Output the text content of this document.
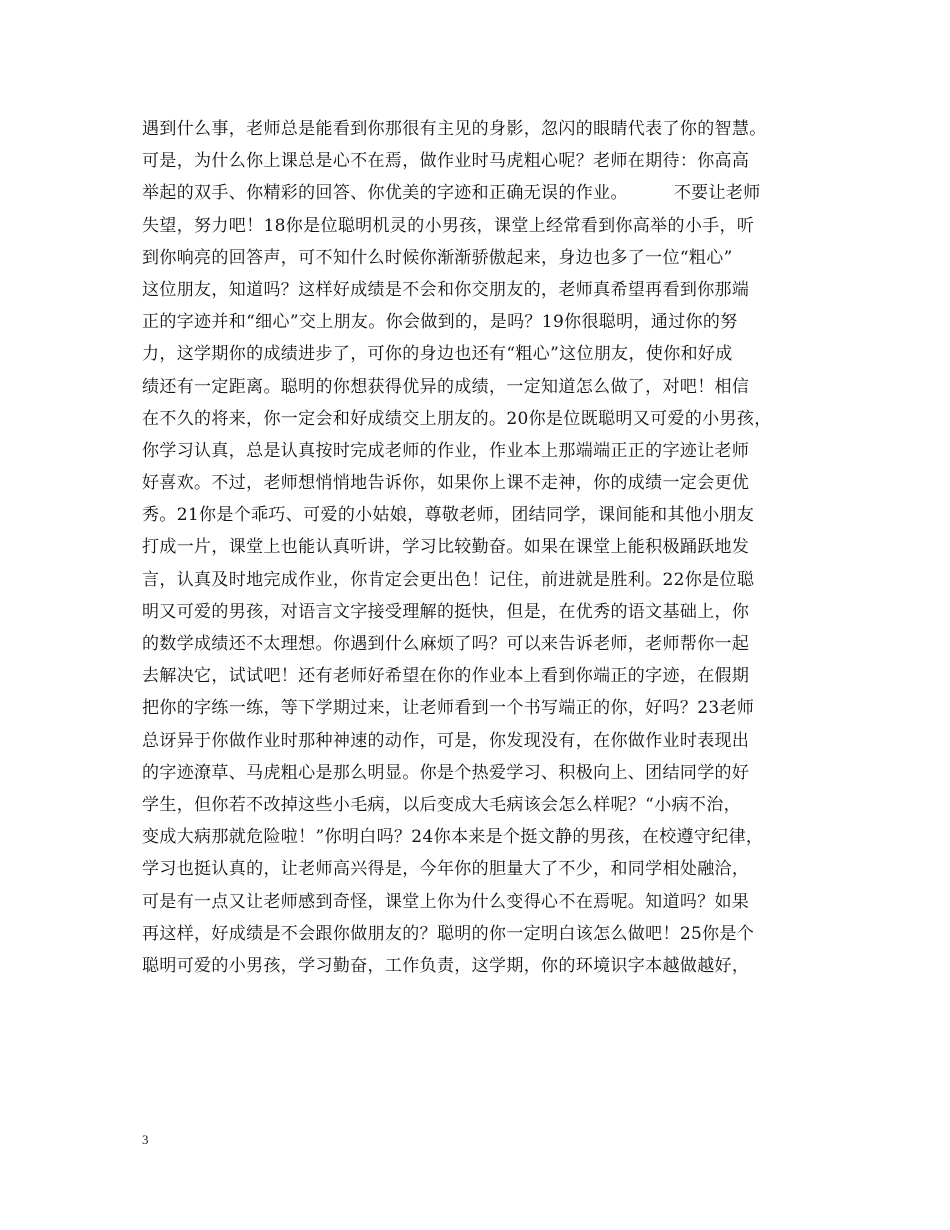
遇到什么事，老师总是能看到你那很有主见的身影，忽闪的眼睛代表了你的智慧。
可是，为什么你上课总是心不在焉，做作业时马虎粗心呢？老师在期待：你高高
举起的双手、你精彩的回答、你优美的字迹和正确无误的作业。        不要让老师
失望，努力吧！18你是位聪明机灵的小男孩，课堂上经常看到你高举的小手，听
到你响亮的回答声，可不知什么时候你渐渐骄傲起来，身边也多了一位“粗心”
这位朋友，知道吗？这样好成绩是不会和你交朋友的，老师真希望再看到你那端
正的字迹并和“细心”交上朋友。你会做到的，是吗？19你很聪明，通过你的努
力，这学期你的成绩进步了，可你的身边也还有“粗心”这位朋友，使你和好成
绩还有一定距离。聪明的你想获得优异的成绩，一定知道怎么做了，对吧！相信
在不久的将来，你一定会和好成绩交上朋友的。20你是位既聪明又可爱的小男孩，
你学习认真，总是认真按时完成老师的作业，作业本上那端端正正的字迹让老师
好喜欢。不过，老师想悄悄地告诉你，如果你上课不走神，你的成绩一定会更优
秀。21你是个乖巧、可爱的小姑娘，尊敬老师，团结同学，课间能和其他小朋友
打成一片，课堂上也能认真听讲，学习比较勤奋。如果在课堂上能积极踊跃地发
言，认真及时地完成作业，你肯定会更出色！记住，前进就是胜利。22你是位聪
明又可爱的男孩，对语言文字接受理解的挺快，但是，在优秀的语文基础上，你
的数学成绩还不太理想。你遇到什么麻烦了吗？可以来告诉老师，老师帮你一起
去解决它，试试吧！还有老师好希望在你的作业本上看到你端正的字迹，在假期
把你的字练一练，等下学期过来，让老师看到一个书写端正的你，好吗？23老师
总讶异于你做作业时那种神速的动作，可是，你发现没有，在你做作业时表现出
的字迹潦草、马虎粗心是那么明显。你是个热爱学习、积极向上、团结同学的好
学生，但你若不改掉这些小毛病，以后变成大毛病该会怎么样呢？“小病不治，
变成大病那就危险啦！”你明白吗？24你本来是个挺文静的男孩，在校遵守纪律，
学习也挺认真的，让老师高兴得是，今年你的胆量大了不少，和同学相处融洽，
可是有一点又让老师感到奇怪，课堂上你为什么变得心不在焉呢。知道吗？如果
再这样，好成绩是不会跟你做朋友的？聪明的你一定明白该怎么做吧！25你是个
聪明可爱的小男孩，学习勤奋，工作负责，这学期，你的环境识字本越做越好，
3
